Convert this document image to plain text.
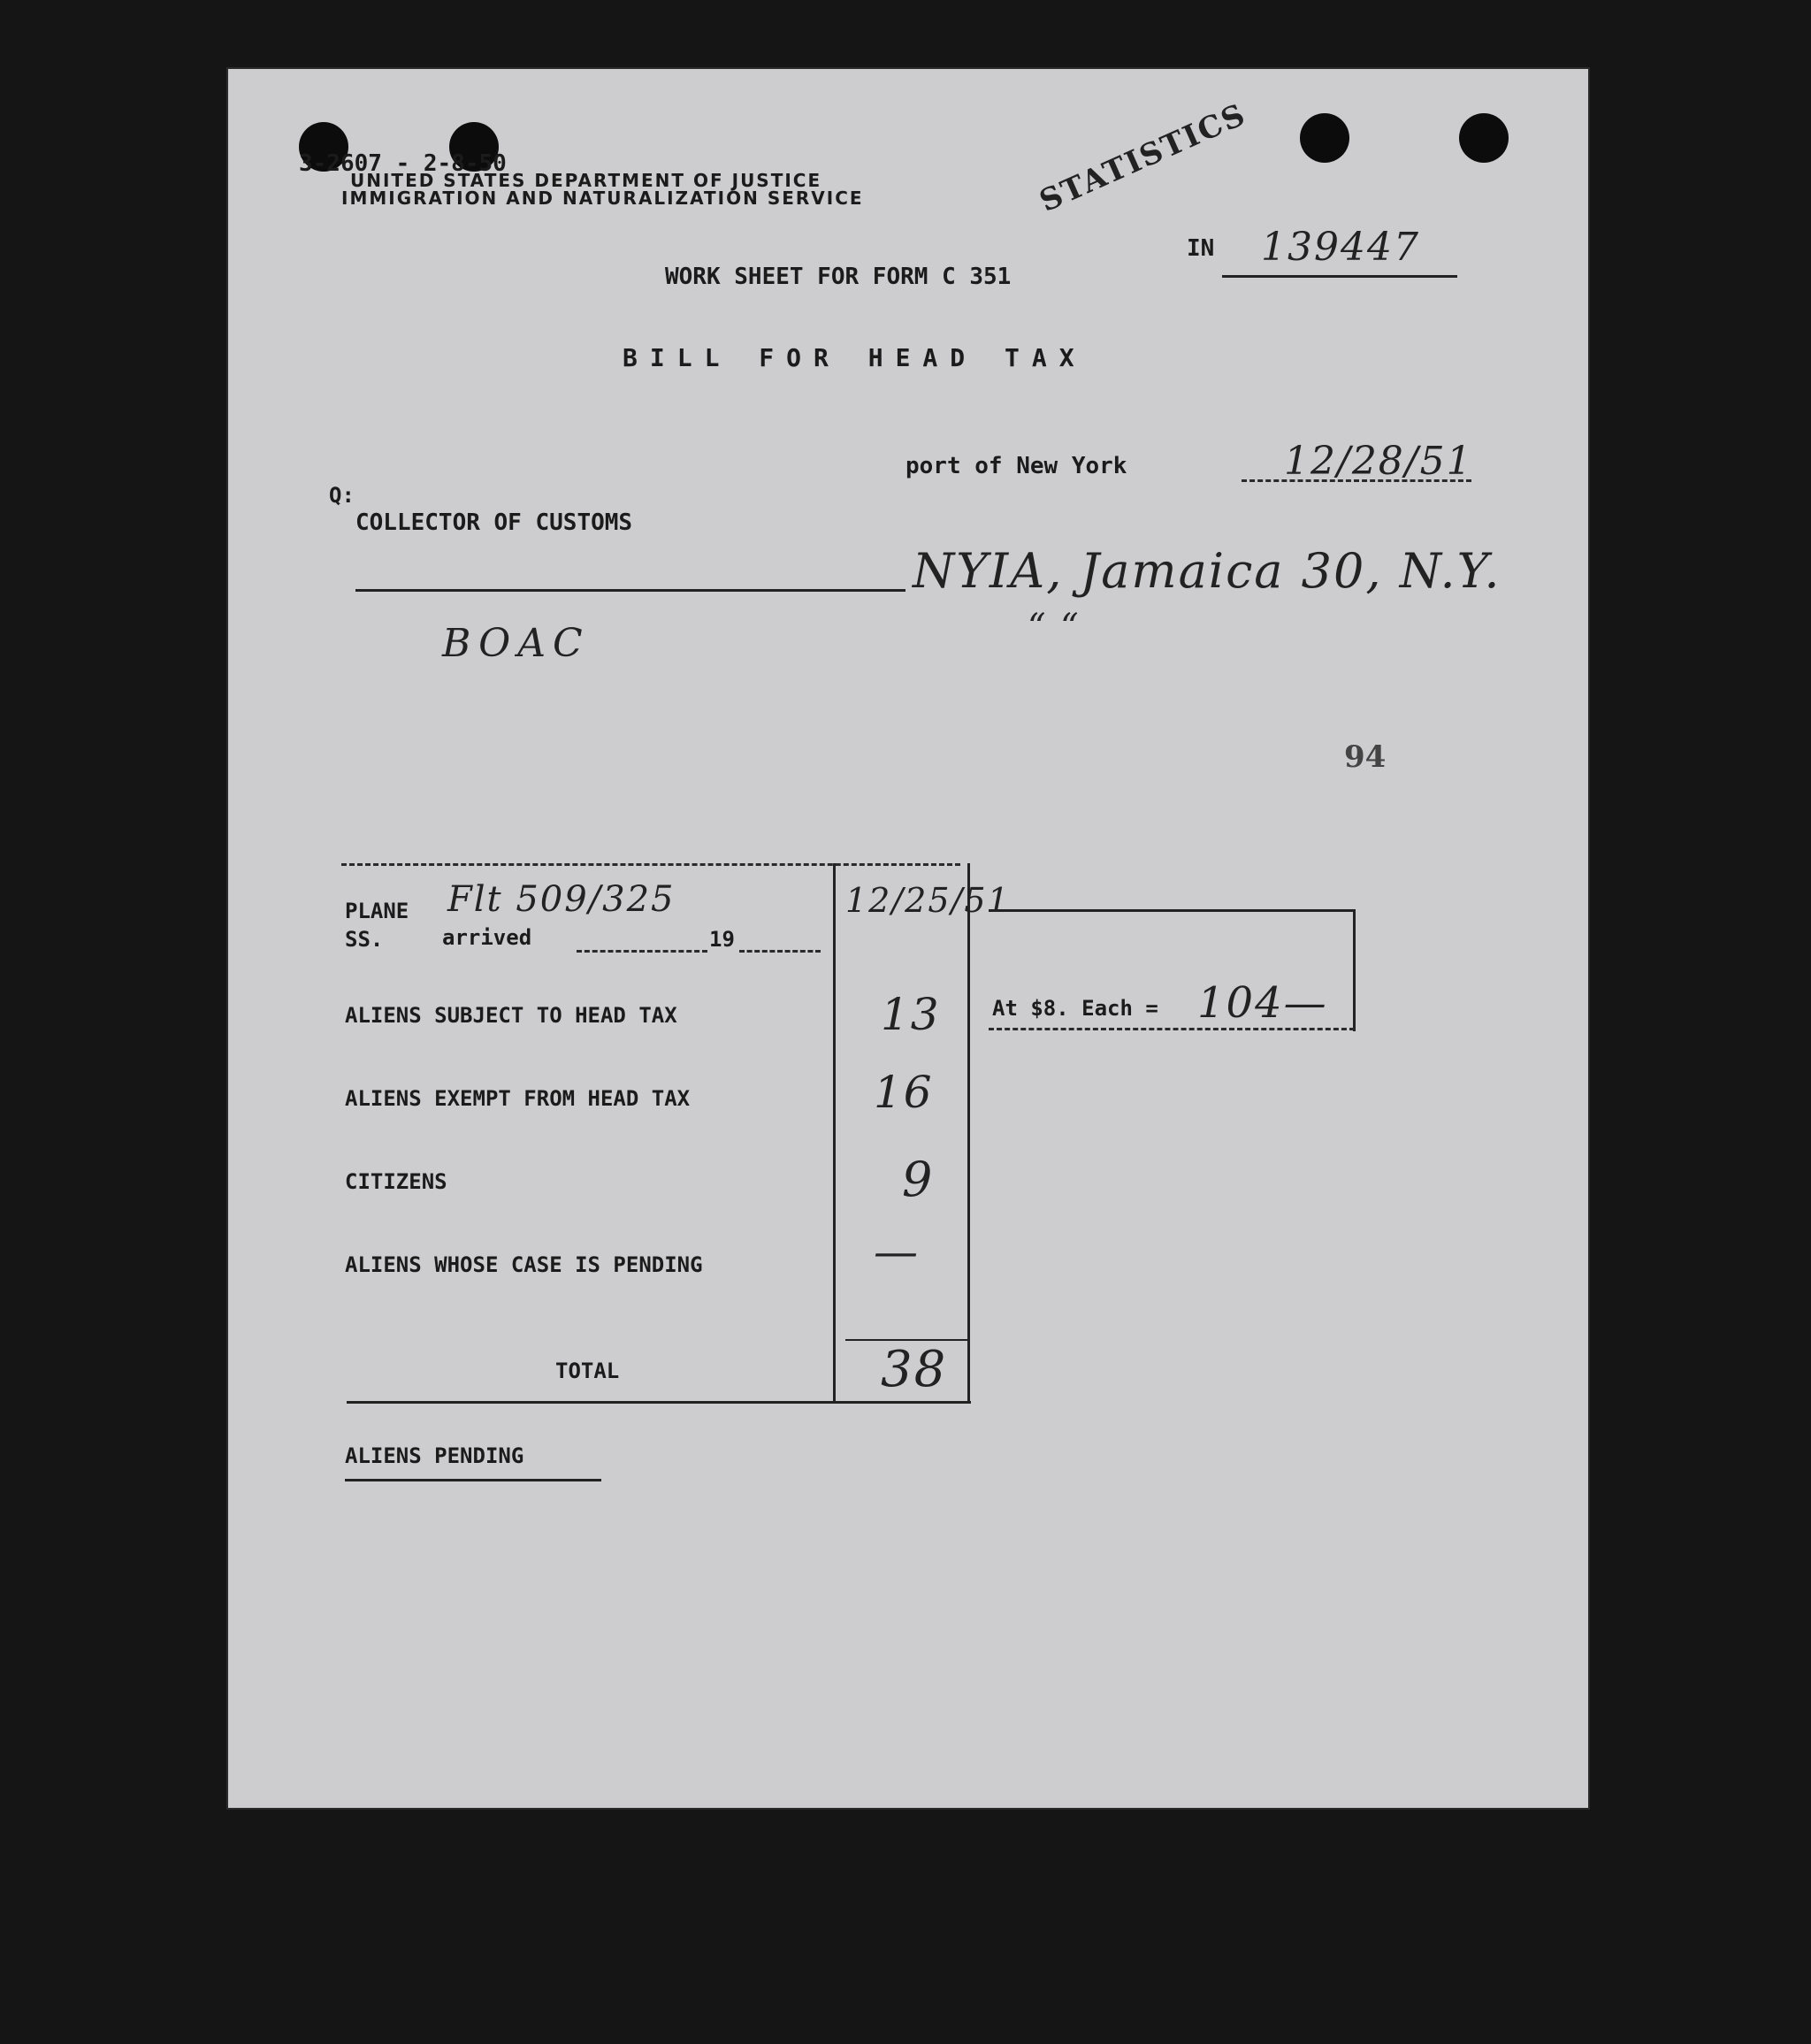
3-2607 - 2-8-50
UNITED STATES DEPARTMENT OF JUSTICE
IMMIGRATION AND NATURALIZATION SERVICE	STATISTICS
IN 139447
WORK SHEET FOR FORM C 351
BILL FOR HEAD TAX
port of New York	12/28/51
Q:
COLLECTOR OF CUSTOMS
NYIA, Jamaica 30, N.Y.
“ “
BOAC
94
PLANE Flt 509/325
SS.	arrived	19
12/25/51
ALIENS SUBJECT TO HEAD TAX	13
ALIENS EXEMPT FROM HEAD TAX	16
CITIZENS	9
ALIENS WHOSE CASE IS PENDING	—
TOTAL	38
At $8. Each = 104—
ALIENS PENDING
